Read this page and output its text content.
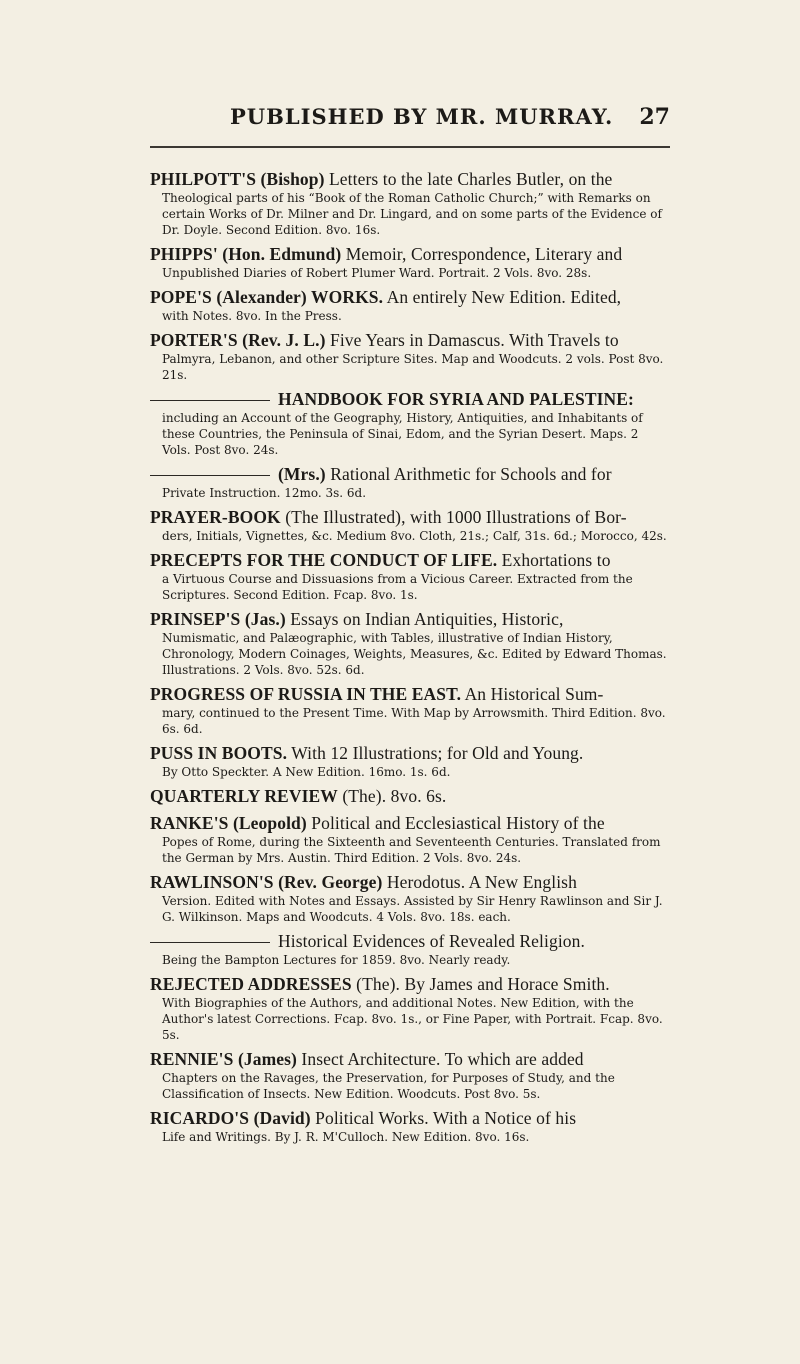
PUBLISHED BY MR. MURRAY. 27
PHILPOTT'S (Bishop) Letters to the late Charles Butler, on the
Theological parts of his “Book of the Roman Catholic Church;” with Remarks on certain Works of Dr. Milner and Dr. Lingard, and on some parts of the Evidence of Dr. Doyle. Second Edition. 8vo. 16s.
PHIPPS' (Hon. Edmund) Memoir, Correspondence, Literary and
Unpublished Diaries of Robert Plumer Ward. Portrait. 2 Vols. 8vo. 28s.
POPE'S (Alexander) WORKS. An entirely New Edition. Edited,
with Notes. 8vo. In the Press.
PORTER'S (Rev. J. L.) Five Years in Damascus. With Travels to
Palmyra, Lebanon, and other Scripture Sites. Map and Woodcuts. 2 vols. Post 8vo. 21s.
HANDBOOK FOR SYRIA AND PALESTINE:
including an Account of the Geography, History, Antiquities, and Inhabitants of these Countries, the Peninsula of Sinai, Edom, and the Syrian Desert. Maps. 2 Vols. Post 8vo. 24s.
(Mrs.) Rational Arithmetic for Schools and for
Private Instruction. 12mo. 3s. 6d.
PRAYER-BOOK (The Illustrated), with 1000 Illustrations of Bor-
ders, Initials, Vignettes, &c. Medium 8vo. Cloth, 21s.; Calf, 31s. 6d.; Morocco, 42s.
PRECEPTS FOR THE CONDUCT OF LIFE. Exhortations to
a Virtuous Course and Dissuasions from a Vicious Career. Extracted from the Scriptures. Second Edition. Fcap. 8vo. 1s.
PRINSEP'S (Jas.) Essays on Indian Antiquities, Historic,
Numismatic, and Palæographic, with Tables, illustrative of Indian History, Chronology, Modern Coinages, Weights, Measures, &c. Edited by Edward Thomas. Illustrations. 2 Vols. 8vo. 52s. 6d.
PROGRESS OF RUSSIA IN THE EAST. An Historical Sum-
mary, continued to the Present Time. With Map by Arrowsmith. Third Edition. 8vo. 6s. 6d.
PUSS IN BOOTS. With 12 Illustrations; for Old and Young.
By Otto Speckter. A New Edition. 16mo. 1s. 6d.
QUARTERLY REVIEW (The). 8vo. 6s.
RANKE'S (Leopold) Political and Ecclesiastical History of the
Popes of Rome, during the Sixteenth and Seventeenth Centuries. Translated from the German by Mrs. Austin. Third Edition. 2 Vols. 8vo. 24s.
RAWLINSON'S (Rev. George) Herodotus. A New English
Version. Edited with Notes and Essays. Assisted by Sir Henry Rawlinson and Sir J. G. Wilkinson. Maps and Woodcuts. 4 Vols. 8vo. 18s. each.
Historical Evidences of Revealed Religion.
Being the Bampton Lectures for 1859. 8vo. Nearly ready.
REJECTED ADDRESSES (The). By James and Horace Smith.
With Biographies of the Authors, and additional Notes. New Edition, with the Author's latest Corrections. Fcap. 8vo. 1s., or Fine Paper, with Portrait. Fcap. 8vo. 5s.
RENNIE'S (James) Insect Architecture. To which are added
Chapters on the Ravages, the Preservation, for Purposes of Study, and the Classification of Insects. New Edition. Woodcuts. Post 8vo. 5s.
RICARDO'S (David) Political Works. With a Notice of his
Life and Writings. By J. R. M'Culloch. New Edition. 8vo. 16s.
